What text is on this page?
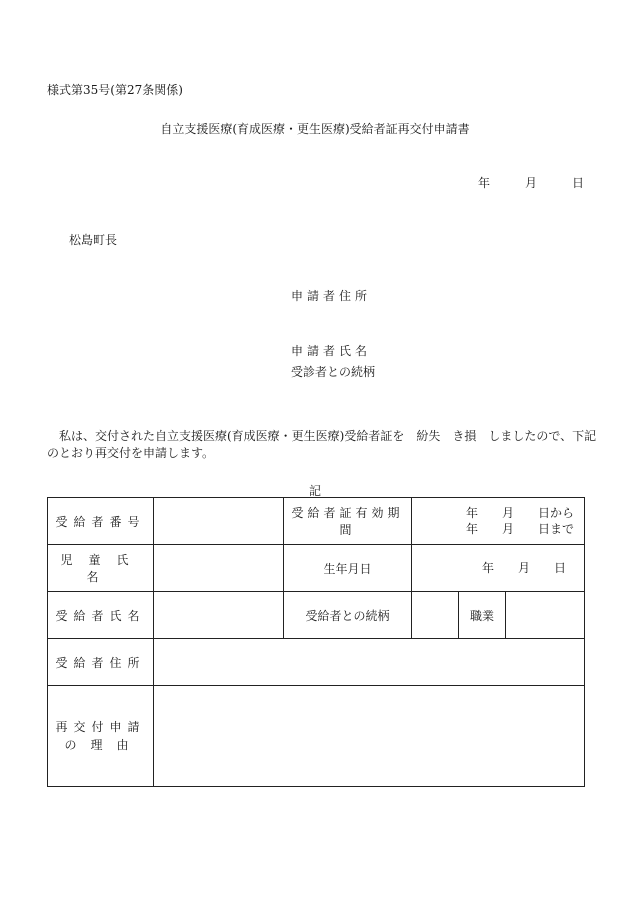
様式第35号(第27条関係)
自立支援医療(育成医療・更生医療)受給者証再交付申請書
年	月	日
松島町長
申請者住所
申請者氏名
受診者との続柄
私は、交付された自立支援医療(育成医療・更生医療)受給者証を　紛失　き損　しましたので、下記
のとおり再交付を申請します。
記
受給者番号		受給者証有効期間	年　　月　　日から
年　　月　　日まで		

児童氏名		生年月日	年　　月　　日		
受給者氏名		受給者との続柄		職業	
受給者住所					

再交付申請
の理由					
